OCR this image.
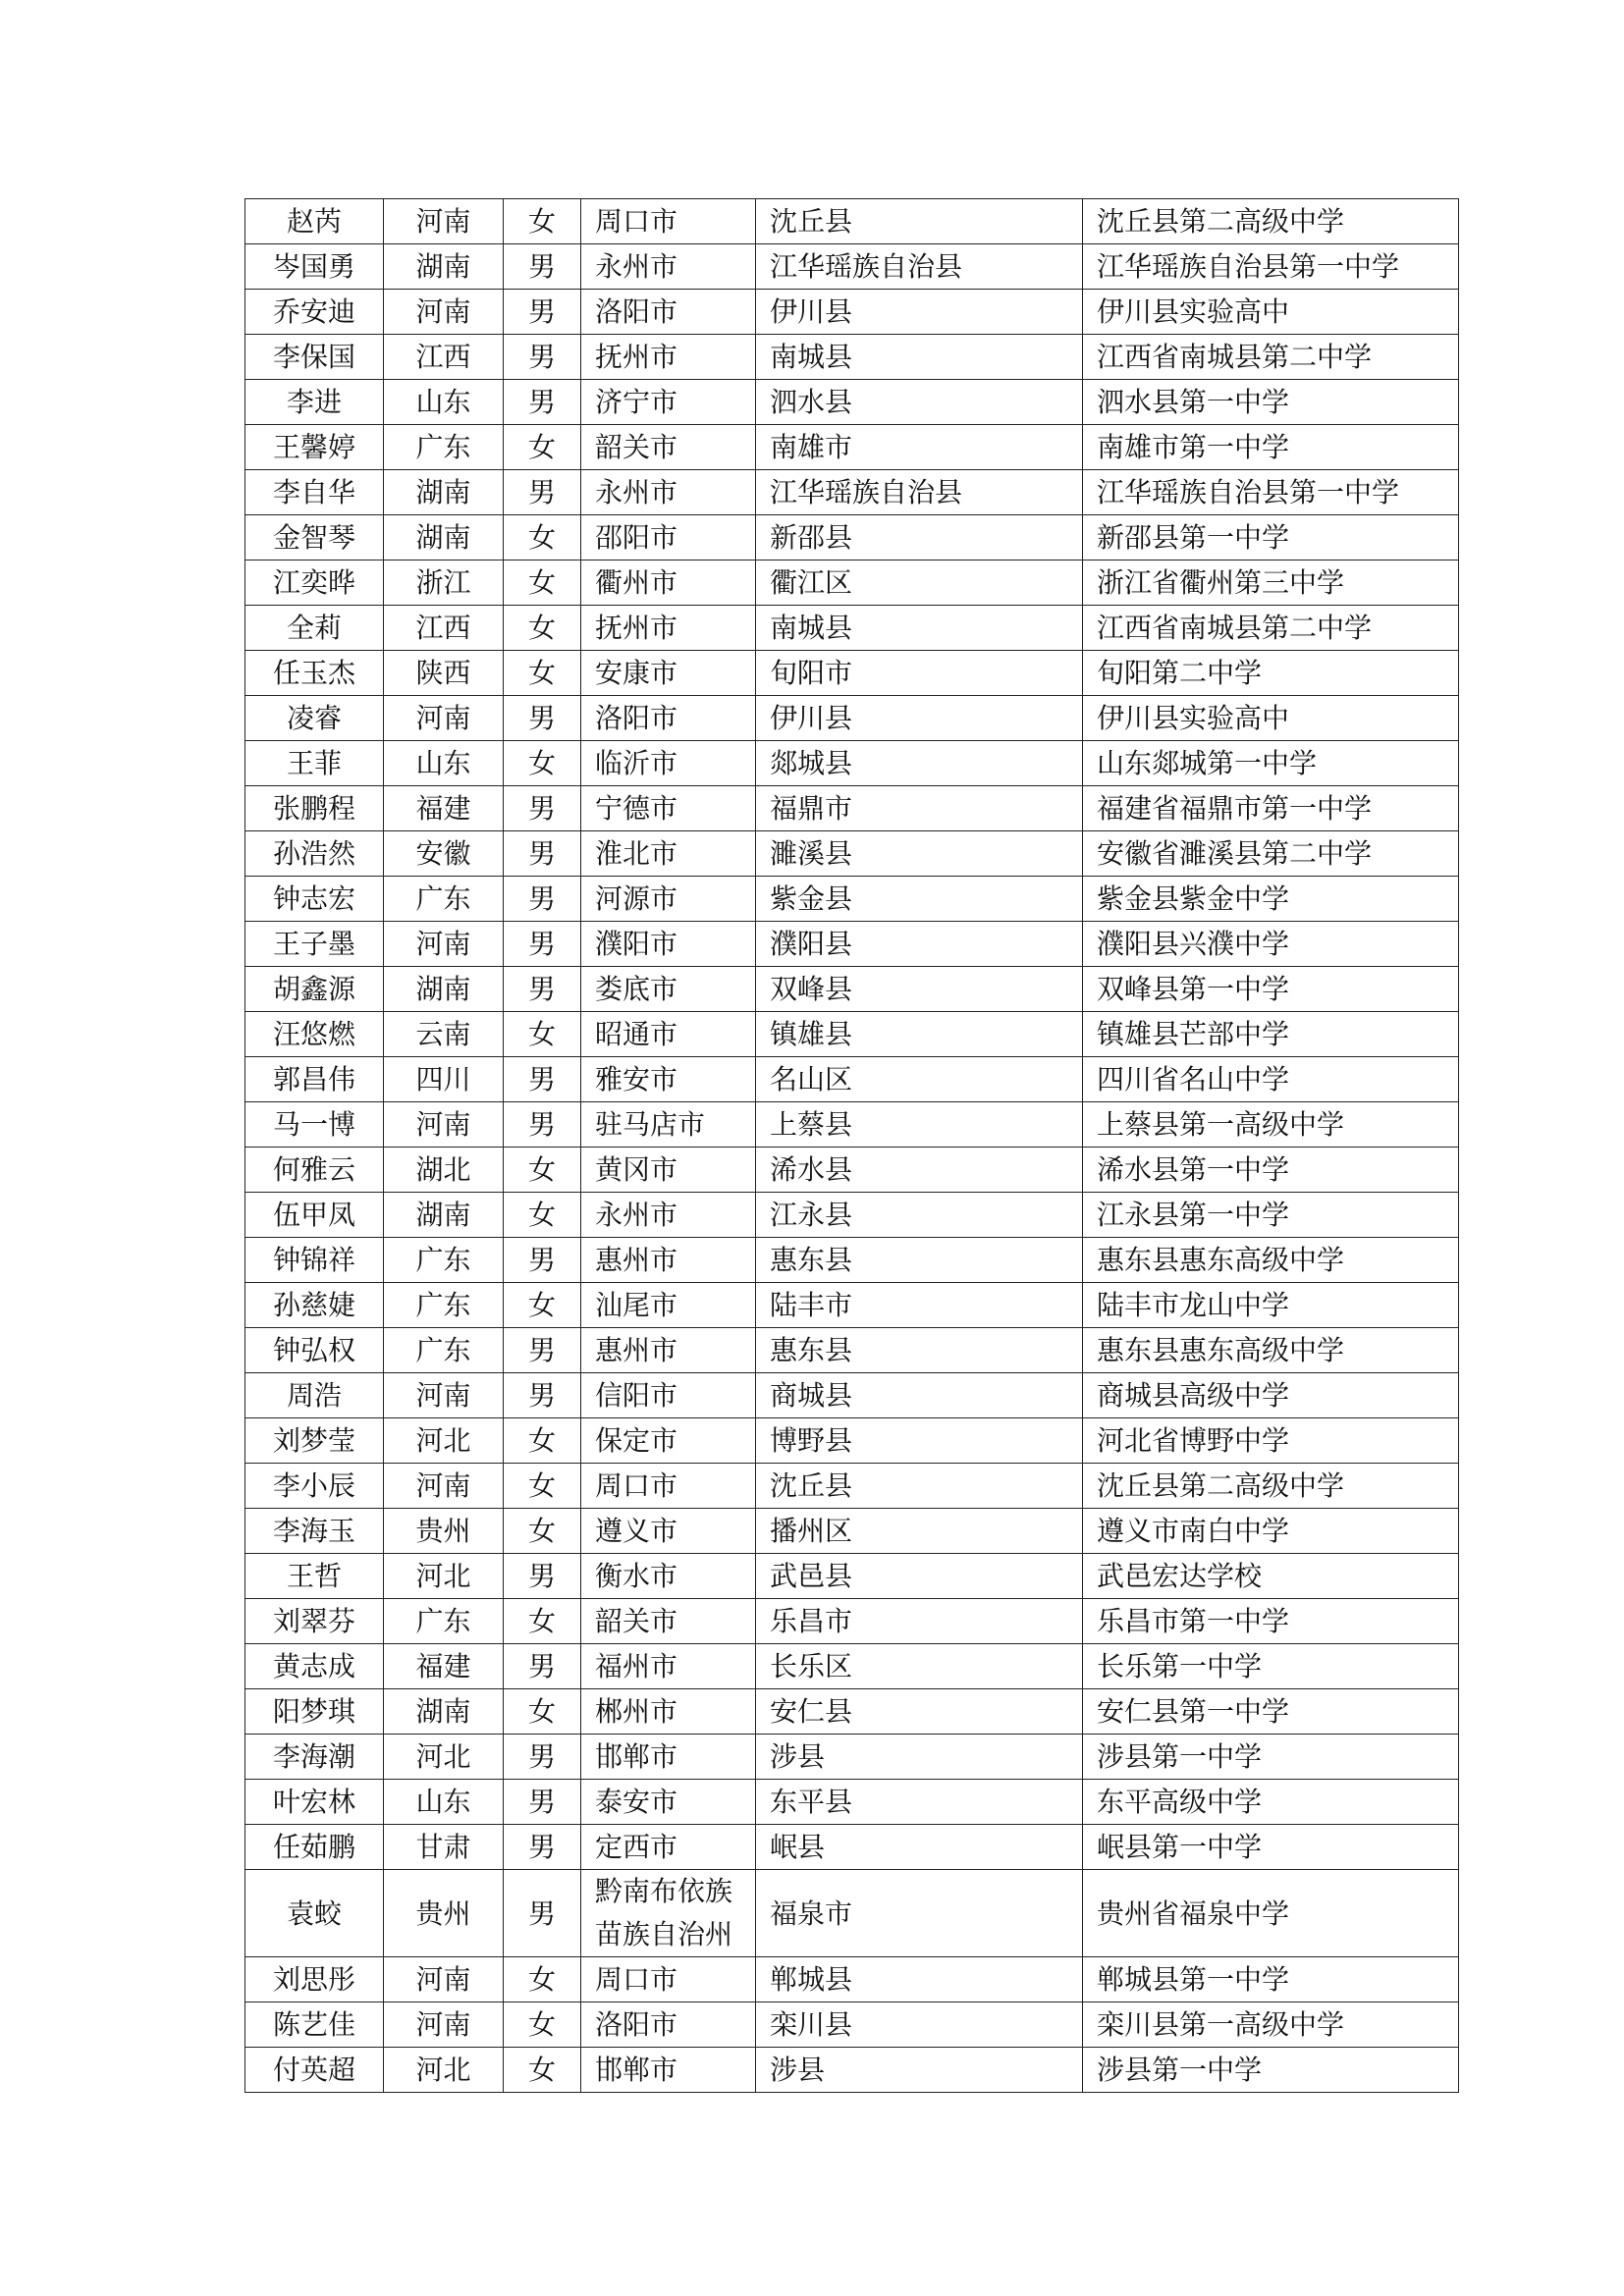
赵芮	河南	女	周口市	沈丘县	沈丘县第二高级中学
岑国勇	湖南	男	永州市	江华瑶族自治县	江华瑶族自治县第一中学
乔安迪	河南	男	洛阳市	伊川县	伊川县实验高中
李保国	江西	男	抚州市	南城县	江西省南城县第二中学
李进	山东	男	济宁市	泗水县	泗水县第一中学
王馨婷	广东	女	韶关市	南雄市	南雄市第一中学
李自华	湖南	男	永州市	江华瑶族自治县	江华瑶族自治县第一中学
金智琴	湖南	女	邵阳市	新邵县	新邵县第一中学
江奕晔	浙江	女	衢州市	衢江区	浙江省衢州第三中学
全莉	江西	女	抚州市	南城县	江西省南城县第二中学
任玉杰	陕西	女	安康市	旬阳市	旬阳第二中学
凌睿	河南	男	洛阳市	伊川县	伊川县实验高中
王菲	山东	女	临沂市	郯城县	山东郯城第一中学
张鹏程	福建	男	宁德市	福鼎市	福建省福鼎市第一中学
孙浩然	安徽	男	淮北市	濉溪县	安徽省濉溪县第二中学
钟志宏	广东	男	河源市	紫金县	紫金县紫金中学
王子墨	河南	男	濮阳市	濮阳县	濮阳县兴濮中学
胡鑫源	湖南	男	娄底市	双峰县	双峰县第一中学
汪悠燃	云南	女	昭通市	镇雄县	镇雄县芒部中学
郭昌伟	四川	男	雅安市	名山区	四川省名山中学
马一博	河南	男	驻马店市	上蔡县	上蔡县第一高级中学
何雅云	湖北	女	黄冈市	浠水县	浠水县第一中学
伍甲凤	湖南	女	永州市	江永县	江永县第一中学
钟锦祥	广东	男	惠州市	惠东县	惠东县惠东高级中学
孙慈婕	广东	女	汕尾市	陆丰市	陆丰市龙山中学
钟弘权	广东	男	惠州市	惠东县	惠东县惠东高级中学
周浩	河南	男	信阳市	商城县	商城县高级中学
刘梦莹	河北	女	保定市	博野县	河北省博野中学
李小辰	河南	女	周口市	沈丘县	沈丘县第二高级中学
李海玉	贵州	女	遵义市	播州区	遵义市南白中学
王哲	河北	男	衡水市	武邑县	武邑宏达学校
刘翠芬	广东	女	韶关市	乐昌市	乐昌市第一中学
黄志成	福建	男	福州市	长乐区	长乐第一中学
阳梦琪	湖南	女	郴州市	安仁县	安仁县第一中学
李海潮	河北	男	邯郸市	涉县	涉县第一中学
叶宏林	山东	男	泰安市	东平县	东平高级中学
任茹鹏	甘肃	男	定西市	岷县	岷县第一中学
袁蛟	贵州	男	黔南布依族苗族自治州	福泉市	贵州省福泉中学
刘思彤	河南	女	周口市	郸城县	郸城县第一中学
陈艺佳	河南	女	洛阳市	栾川县	栾川县第一高级中学
付英超	河北	女	邯郸市	涉县	涉县第一中学
